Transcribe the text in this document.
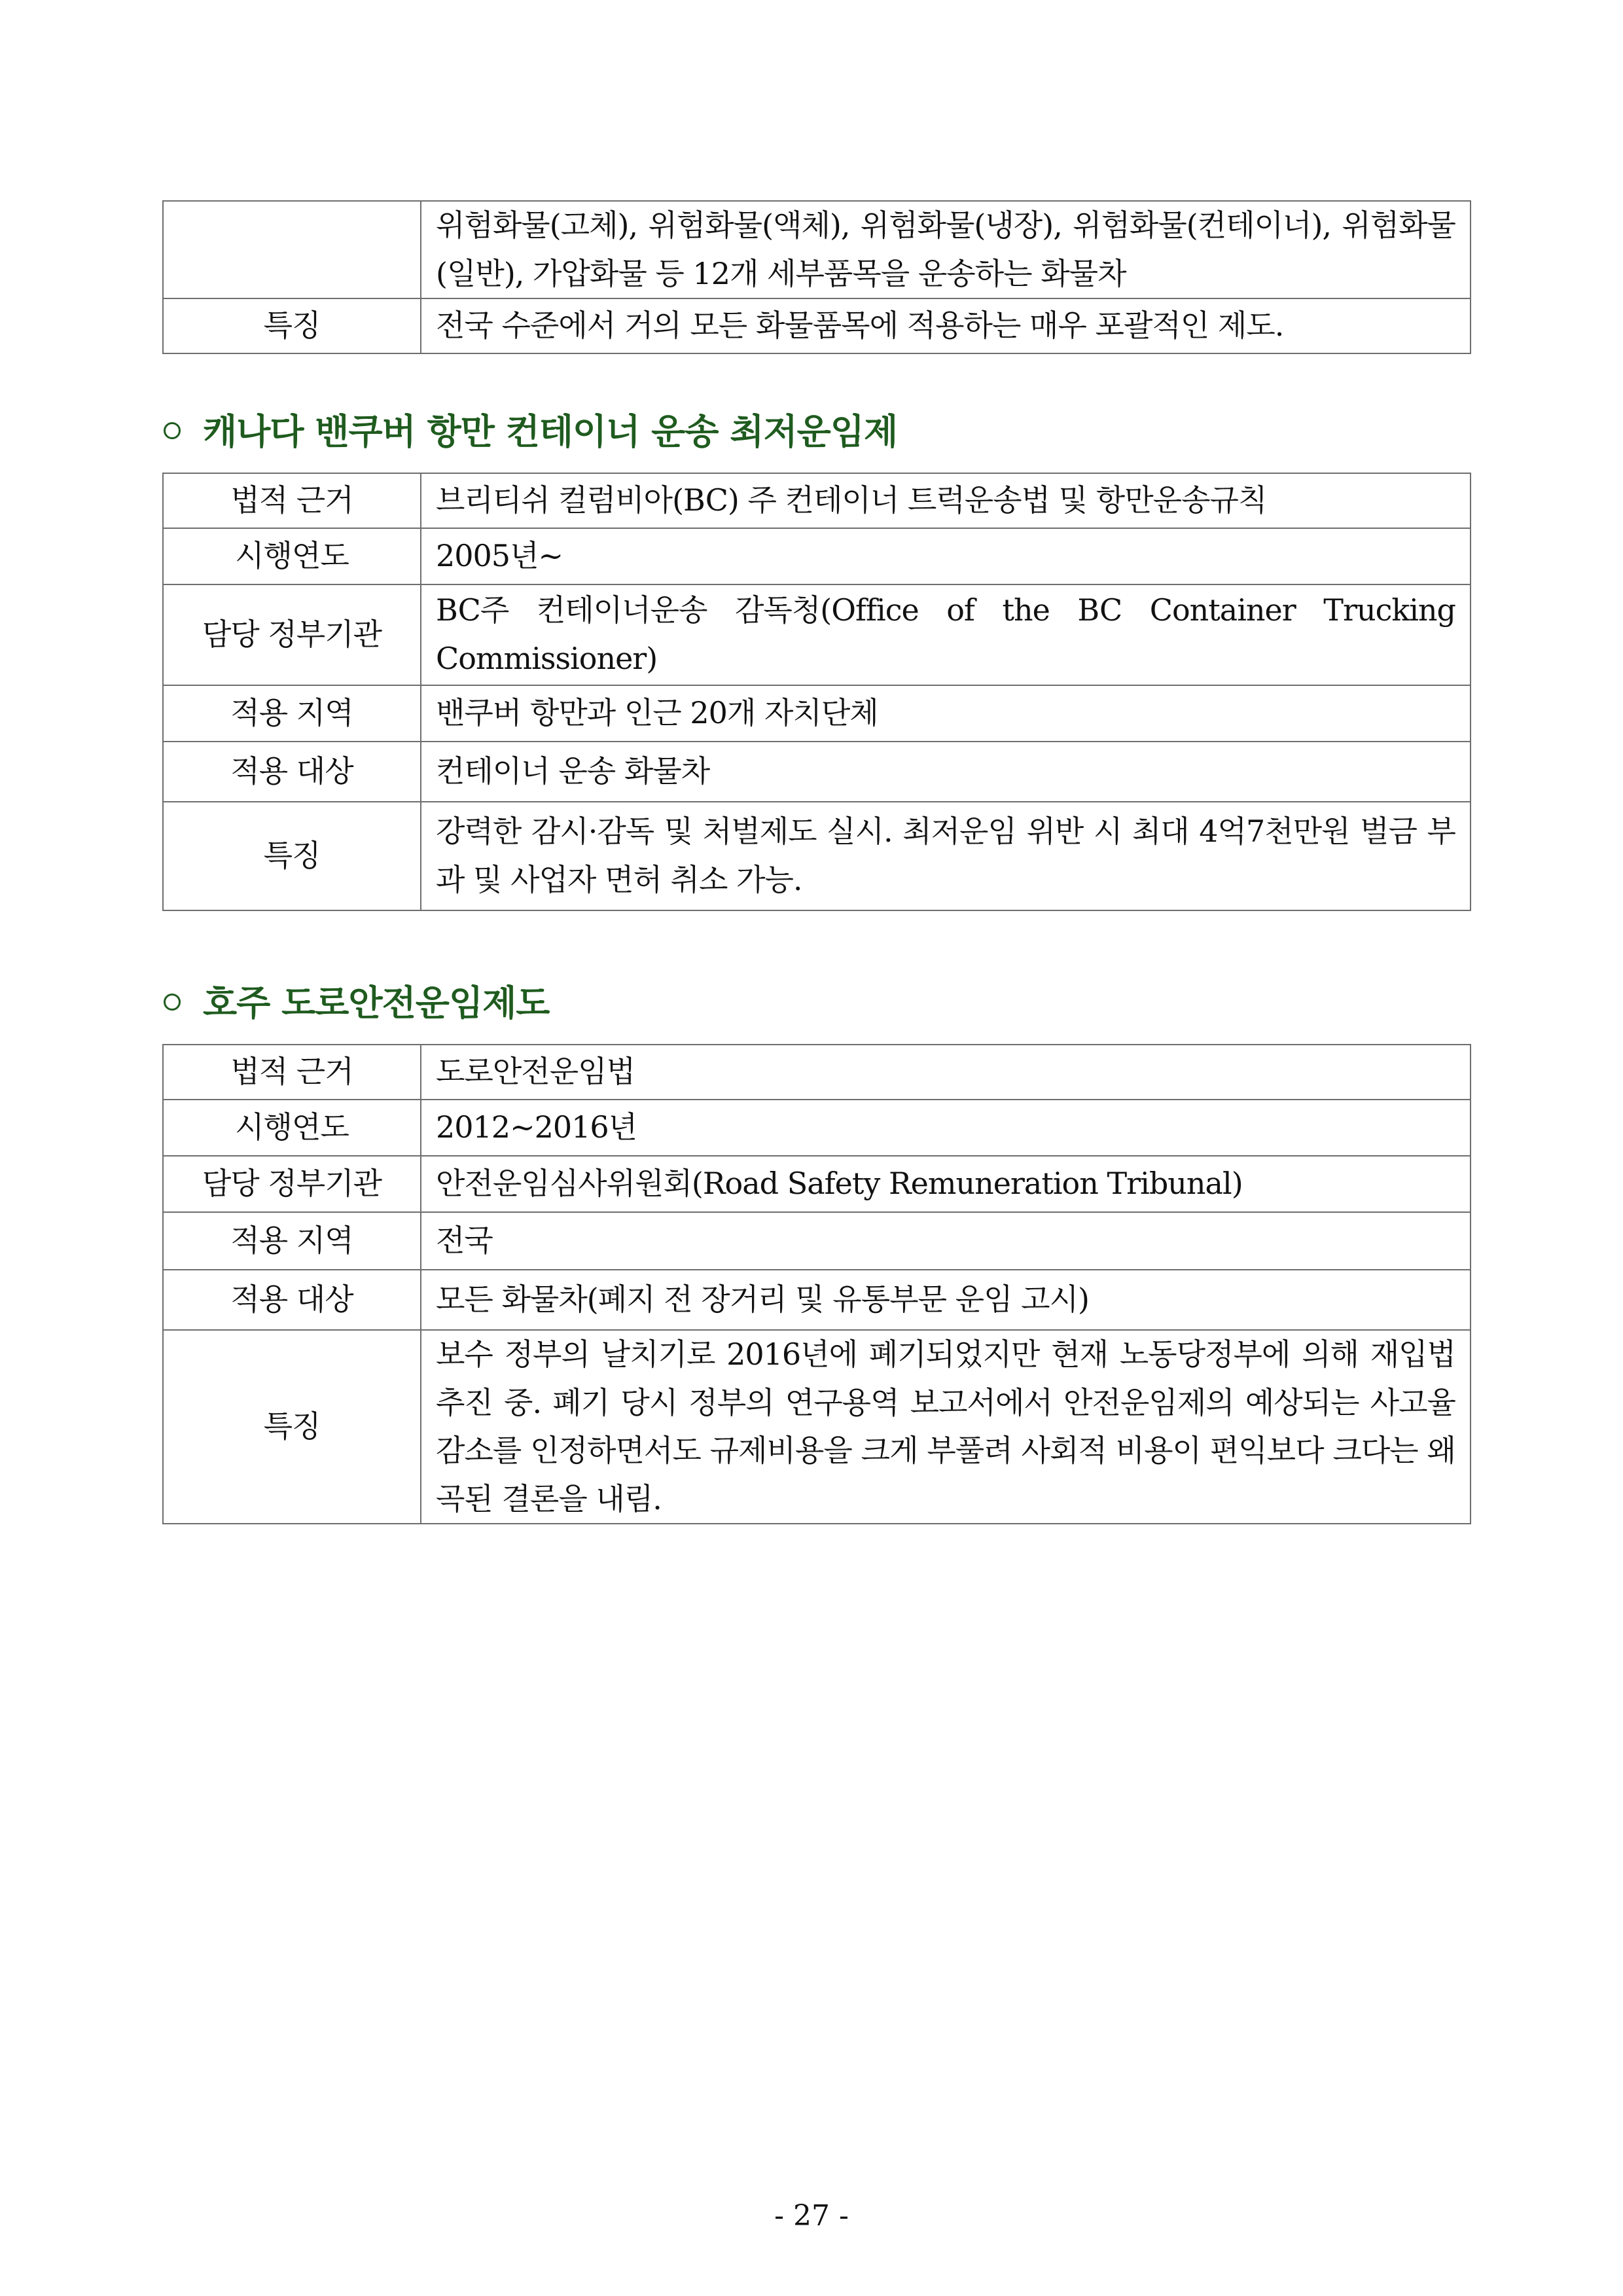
	위험화물(고체), 위험화물(액체), 위험화물(냉장), 위험화물(컨테이너), 위험화물(일반), 가압화물 등 12개 세부품목을 운송하는 화물차
특징	전국 수준에서 거의 모든 화물품목에 적용하는 매우 포괄적인 제도.
캐나다 밴쿠버 항만 컨테이너 운송 최저운임제
법적 근거	브리티쉬 컬럼비아(BC) 주 컨테이너 트럭운송법 및 항만운송규칙
시행연도	2005년~
담당 정부기관	BC주 컨테이너운송 감독청(Office of the BC Container Trucking Commissioner)
적용 지역	밴쿠버 항만과 인근 20개 자치단체
적용 대상	컨테이너 운송 화물차
특징	강력한 감시·감독 및 처벌제도 실시. 최저운임 위반 시 최대 4억7천만원 벌금 부과 및 사업자 면허 취소 가능.
호주 도로안전운임제도
법적 근거	도로안전운임법
시행연도	2012~2016년
담당 정부기관	안전운임심사위원회(Road Safety Remuneration Tribunal)
적용 지역	전국
적용 대상	모든 화물차(폐지 전 장거리 및 유통부문 운임 고시)
특징	보수 정부의 날치기로 2016년에 폐기되었지만 현재 노동당정부에 의해 재입법 추진 중. 폐기 당시 정부의 연구용역 보고서에서 안전운임제의 예상되는 사고율 감소를 인정하면서도 규제비용을 크게 부풀려 사회적 비용이 편익보다 크다는 왜곡된 결론을 내림.
- 27 -
